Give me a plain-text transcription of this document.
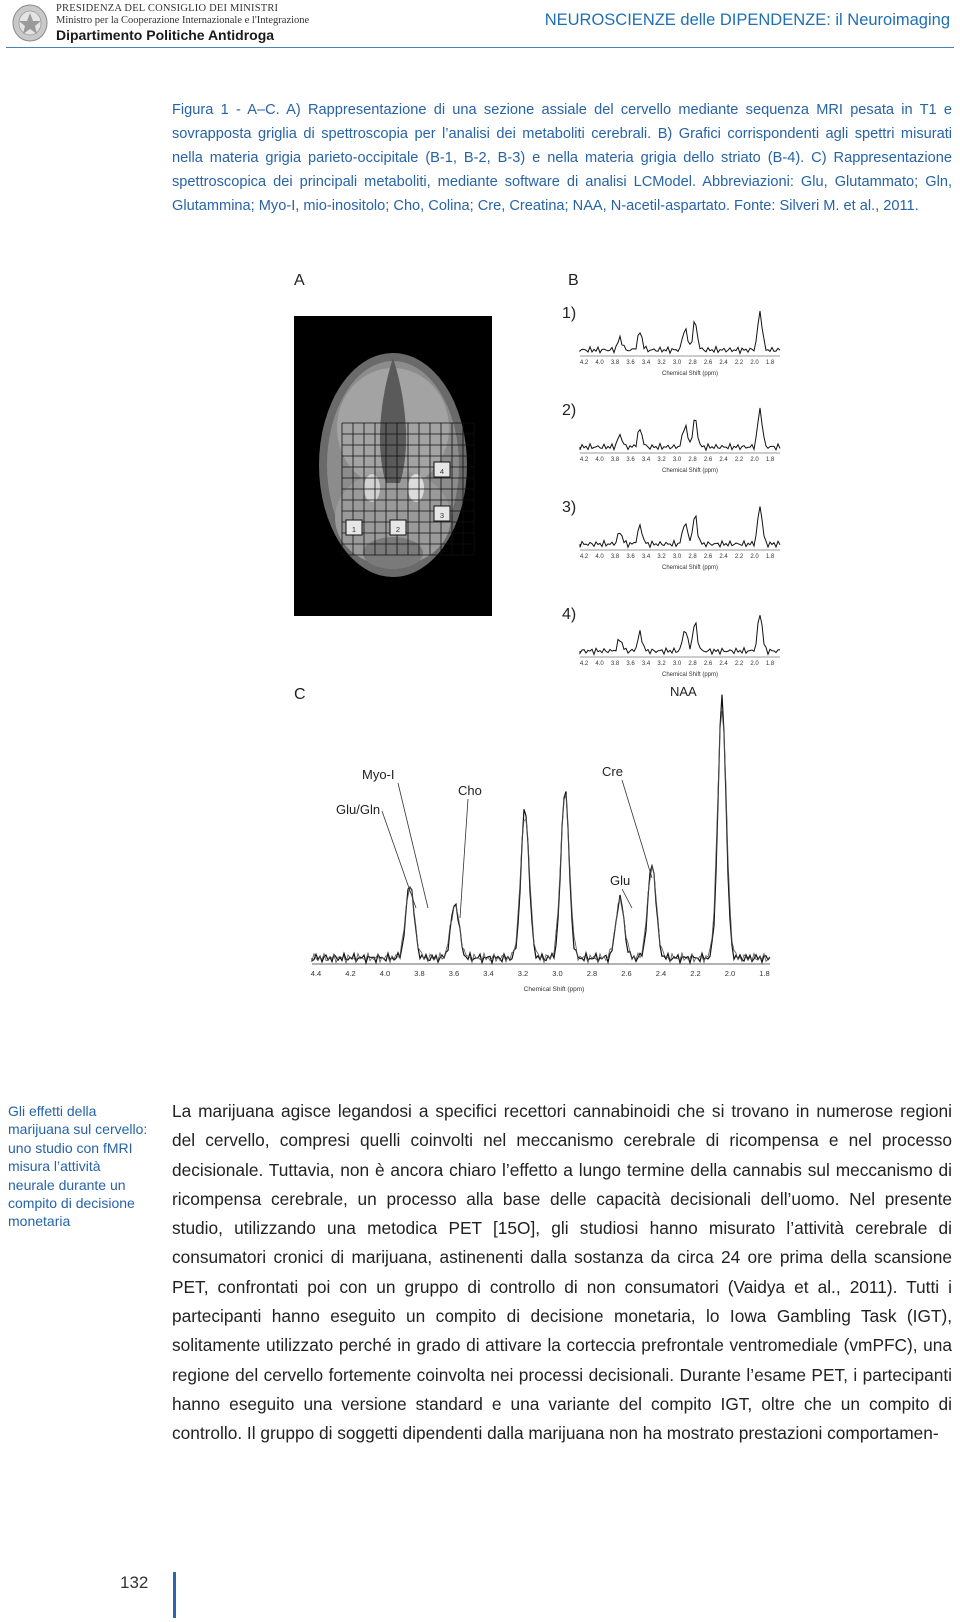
PRESIDENZA DEL CONSIGLIO DEI MINISTRI
Ministro per la Cooperazione Internazionale e l'Integrazione
Dipartimento Politiche Antidroga
NEUROSCIENZE delle DIPENDENZE: il Neuroimaging
Figura 1 - A–C. A) Rappresentazione di una sezione assiale del cervello mediante sequenza MRI pesata in T1 e sovrapposta griglia di spettroscopia per l’analisi dei metaboliti cerebrali. B) Grafici corrispondenti agli spettri misurati nella materia grigia parieto-occipitale (B-1, B-2, B-3) e nella materia grigia dello striato (B-4). C) Rappresentazione spettroscopica dei principali metaboliti, mediante software di analisi LCModel. Abbreviazioni: Glu, Glutammato; Gln, Glutammina; Myo-I, mio-inositolo; Cho, Colina; Cre, Creatina; NAA, N-acetil-aspartato. Fonte: Silveri M. et al., 2011.
A	B
C
1	2
3
4
1)
4.2 4.0 3.8 3.6 3.4 3.2 3.0 2.8 2.6 2.4 2.2 2.0 1.8
Chemical Shift (ppm)
2)
4.2 4.0 3.8 3.6 3.4 3.2 3.0 2.8 2.6 2.4 2.2 2.0 1.8
Chemical Shift (ppm)
3)
4.2 4.0 3.8 3.6 3.4 3.2 3.0 2.8 2.6 2.4 2.2 2.0 1.8
Chemical Shift (ppm)
4)
4.2 4.0 3.8 3.6 3.4 3.2 3.0 2.8 2.6 2.4 2.2 2.0 1.8
Chemical Shift (ppm)
4.4	4.2	4.0	3.8	3.6	3.4	3.2	3.0	2.8	2.6	2.4	2.2	2.0	1.8
Chemical Shift (ppm)
NAA
Cre
Myo-I
Cho
Glu/Gln
Glu
Gli effetti della marijuana sul cervello: uno studio con fMRI misura l’attività neurale durante un compito di decisione monetaria
La marijuana agisce legandosi a specifici recettori cannabinoidi che si trovano in numerose regioni del cervello, compresi quelli coinvolti nel meccanismo cerebrale di ricompensa e nel processo decisionale. Tuttavia, non è ancora chiaro l’effetto a lungo termine della cannabis sul meccanismo di ricompensa cerebrale, un processo alla base delle capacità decisionali dell’uomo. Nel presente studio, utilizzando una metodica PET [15O], gli studiosi hanno misurato l’attività cerebrale di consumatori cronici di marijuana, astinenenti dalla sostanza da circa 24 ore prima della scansione PET, confrontati poi con un gruppo di controllo di non consumatori (Vaidya et al., 2011). Tutti i partecipanti hanno eseguito un compito di decisione monetaria, lo Iowa Gambling Task (IGT), solitamente utilizzato perché in grado di attivare la corteccia prefrontale ventromediale (vmPFC), una regione del cervello fortemente coinvolta nei processi decisionali. Durante l’esame PET, i partecipanti hanno eseguito una versione standard e una variante del compito IGT, oltre che un compito di controllo. Il gruppo di soggetti dipendenti dalla marijuana non ha mostrato prestazioni comportamen-
132
